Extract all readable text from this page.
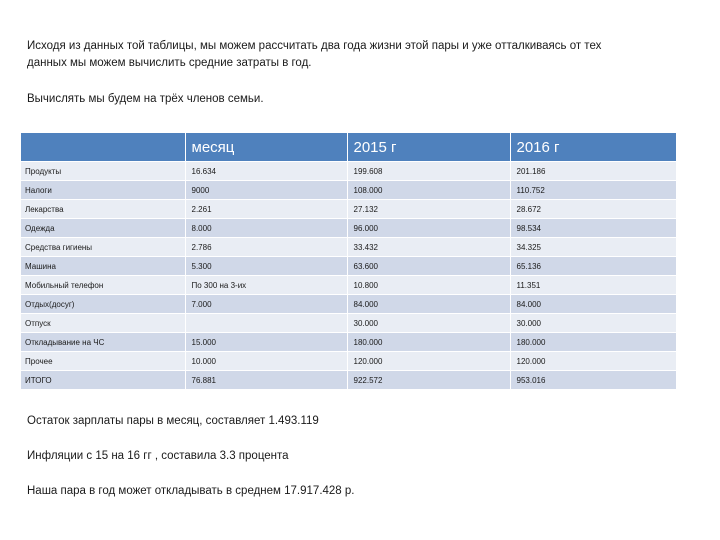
Исходя из данных той таблицы, мы можем рассчитать два года жизни этой пары и уже отталкиваясь от тех
данных мы можем вычислить средние затраты в год.

Вычислять мы будем на трёх членов семьи.

	месяц	2015 г	2016 г
Продукты	16.634	199.608	201.186
Налоги	9000	108.000	110.752
Лекарства	2.261	27.132	28.672
Одежда	8.000	96.000	98.534
Средства гигиены	2.786	33.432	34.325
Машина	5.300	63.600	65.136
Мобильный телефон	По 300 на 3-их	10.800	11.351
Отдых(досуг)	7.000	84.000	84.000
Отпуск		30.000	30.000
Откладывание на ЧС	15.000	180.000	180.000
Прочее	10.000	120.000	120.000
ИТОГО	76.881	922.572	953.016

Остаток зарплаты пары в месяц, составляет 1.493.119

Инфляции с 15 на 16 гг , составила 3.3 процента

Наша пара в год может откладывать в среднем 17.917.428 р.
